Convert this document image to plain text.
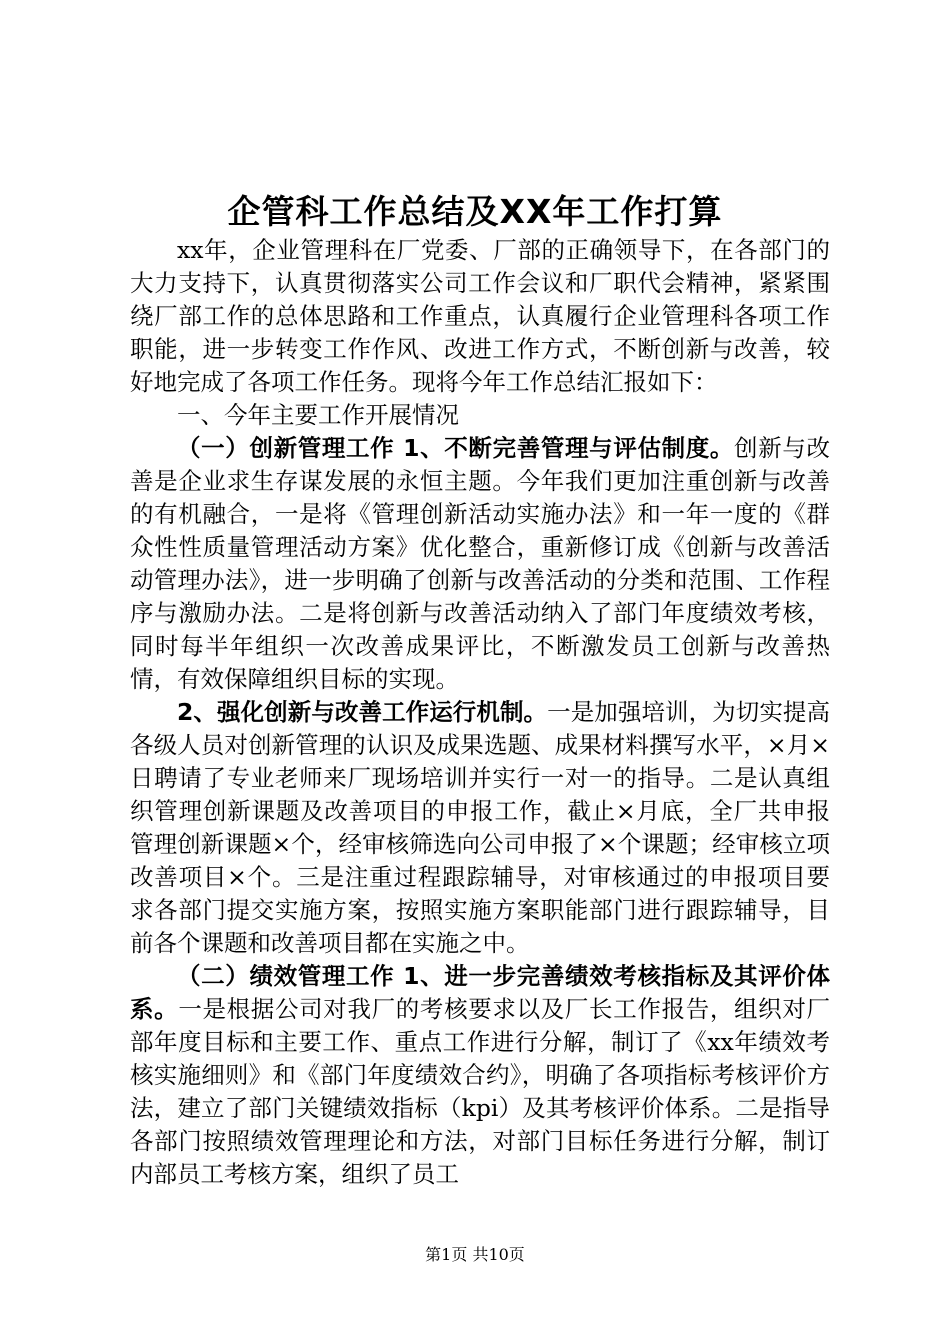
企管科工作总结及XX年工作打算

xx年，企业管理科在厂党委、厂部的正确领导下，在各部门的大力支持下，认真贯彻落实公司工作会议和厂职代会精神，紧紧围绕厂部工作的总体思路和工作重点，认真履行企业管理科各项工作职能，进一步转变工作作风、改进工作方式，不断创新与改善，较好地完成了各项工作任务。现将今年工作总结汇报如下：

一、今年主要工作开展情况

（一）创新管理工作 1、不断完善管理与评估制度。创新与改善是企业求生存谋发展的永恒主题。今年我们更加注重创新与改善的有机融合，一是将《管理创新活动实施办法》和一年一度的《群众性性质量管理活动方案》优化整合，重新修订成《创新与改善活动管理办法》，进一步明确了创新与改善活动的分类和范围、工作程序与激励办法。二是将创新与改善活动纳入了部门年度绩效考核，同时每半年组织一次改善成果评比，不断激发员工创新与改善热情，有效保障组织目标的实现。

2、强化创新与改善工作运行机制。一是加强培训，为切实提高各级人员对创新管理的认识及成果选题、成果材料撰写水平，×月×日聘请了专业老师来厂现场培训并实行一对一的指导。二是认真组织管理创新课题及改善项目的申报工作，截止×月底，全厂共申报管理创新课题×个，经审核筛选向公司申报了×个课题；经审核立项改善项目×个。三是注重过程跟踪辅导，对审核通过的申报项目要求各部门提交实施方案，按照实施方案职能部门进行跟踪辅导，目前各个课题和改善项目都在实施之中。

（二）绩效管理工作 1、进一步完善绩效考核指标及其评价体系。一是根据公司对我厂的考核要求以及厂长工作报告，组织对厂部年度目标和主要工作、重点工作进行分解，制订了《xx年绩效考核实施细则》和《部门年度绩效合约》，明确了各项指标考核评价方法，建立了部门关键绩效指标（kpi）及其考核评价体系。二是指导各部门按照绩效管理理论和方法，对部门目标任务进行分解，制订内部员工考核方案，组织了员工

第1页 共10页
